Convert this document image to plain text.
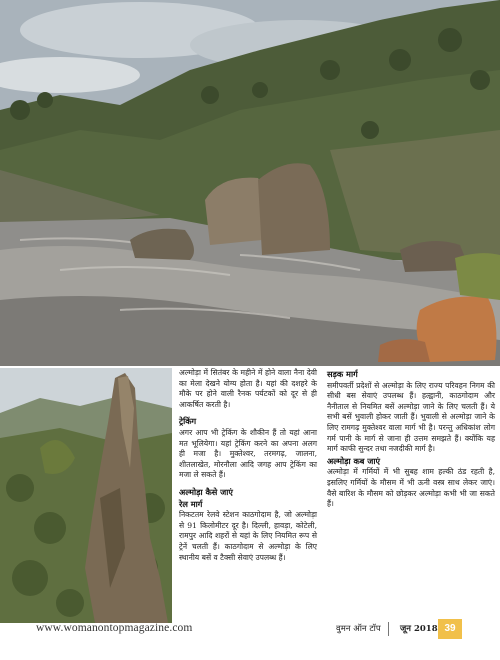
अल्मोड़ा में सितंबर के महीने में होने वाला नैना देवी का मेला देखने योग्य होता है। यहां की दशहरे के मौके पर होने वाली रैनक पर्यटकों को दूर से ही आकर्षित करती है।

ट्रेकिंग

अगर आप भी ट्रेकिंग के शौकीन हैं तो यहां आना मत भूलियेगा। यहां ट्रेकिंग करने का अपना अलग ही मजा है। मुक्तेश्वर, तरमगढ़, जालना, शीतलाखेत, मोरनौला आदि जगह आप ट्रेकिंग का मजा ले सकते हैं।

अल्मोड़ा कैसे जाएं
रेल मार्ग

निकटतम रेलवे स्टेशन काठगोदाम है, जो अल्मोड़ा से 91 किलोमीटर दूर है। दिल्ली, हावड़ा, कोटेली, रामपुर आदि शहरों से यहां के लिए नियमित रूप से ट्रेनें चलती हैं। काठगोदाम से अल्मोड़ा के लिए स्थानीय बसें व टैक्सी सेवाएं उपलब्ध हैं।

सड़क मार्ग

समीपवर्ती प्रदेशों से अल्मोड़ा के लिए राज्य परिवहन निगम की सीधी बस सेवाएं उपलब्ध हैं। हल्द्वानी, काठगोदाम और नैनीताल से नियमित बसें अल्मोड़ा जाने के लिए चलती हैं। ये सभी बसें भुवाली होकर जाती हैं। भुवाली से अल्मोड़ा जाने के लिए रामगढ़ मुक्तेश्वर वाला मार्ग भी है। परन्तु अधिकांश लोग गर्म पानी के मार्ग से जाना ही उत्तम समझते हैं। क्योंकि यह मार्ग काफी सुन्दर तथा नजदीकी मार्ग है।

अल्मोड़ा कब जाएं

अल्मोड़ा में गर्मियों में भी सुबह शाम हल्की ठंड रहती है, इसलिए गर्मियों के मौसम में भी ऊनी वस्त्र साथ लेकर जाएं। वैसे बारिश के मौसम को छोड़कर अल्मोड़ा कभी भी जा सकते हैं।

www.womanontopmagazine.com	वुमन ऑन टॉप जून 2018 39
